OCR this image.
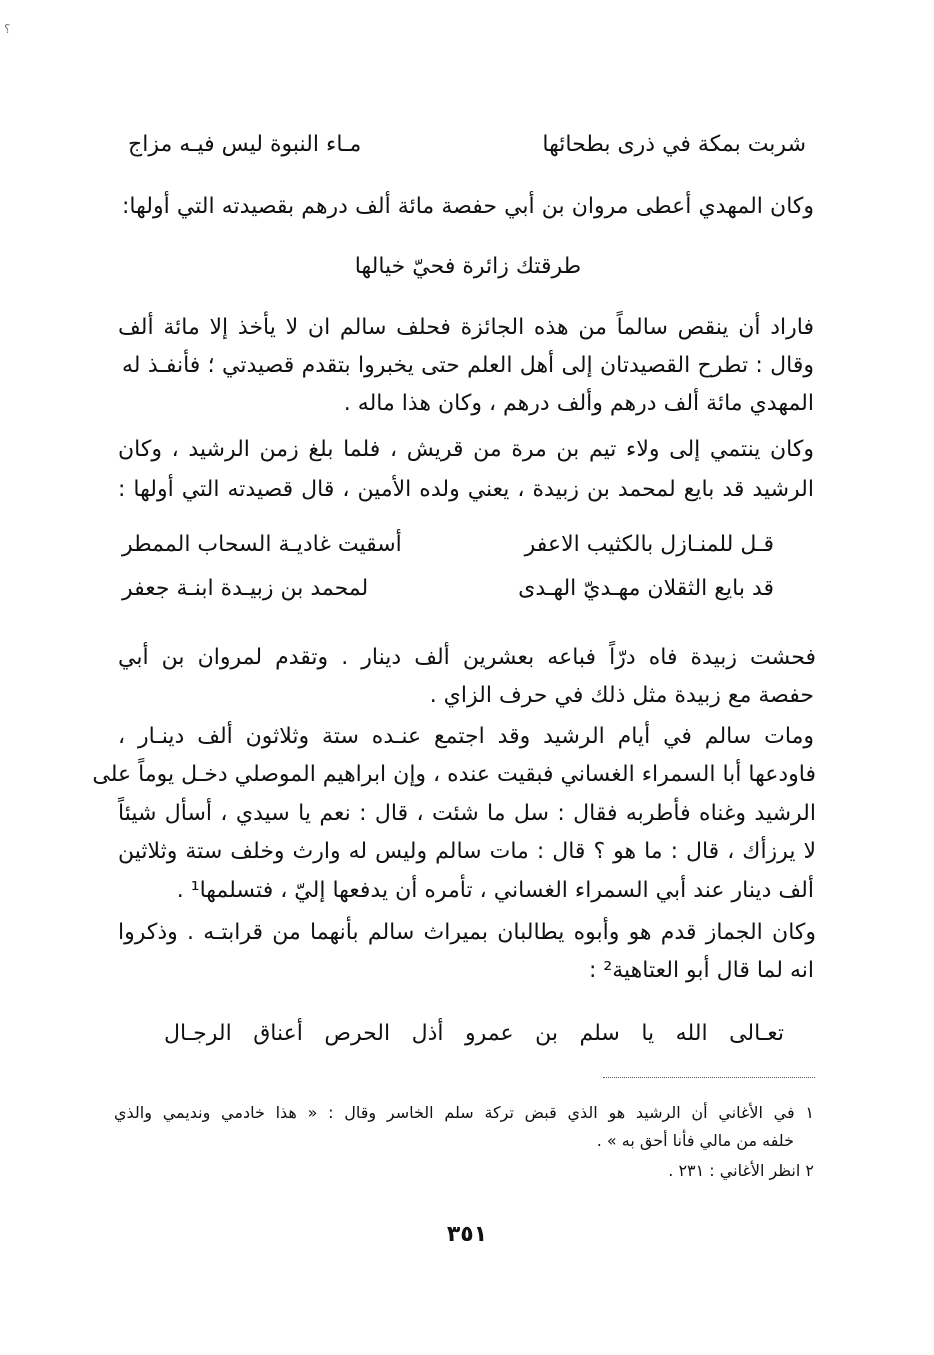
؟
شربت بمكة في ذرى بطحائها
مـاء النبوة ليس فيـه مزاج
وكان المهدي أعطى مروان بن أبي حفصة مائة ألف درهم بقصيدته التي أولها:
طرقتك زائرة فحيّ خيالها
فاراد أن ينقص سالماً من هذه الجائزة فحلف سالم ان لا يأخذ إلا مائة ألف
وقال : تطرح القصيدتان إلى أهل العلم حتى يخبروا بتقدم قصيدتي ؛ فأنفـذ له
المهدي مائة ألف درهم وألف درهم ، وكان هذا ماله .
وكان ينتمي إلى ولاء تيم بن مرة من قريش ، فلما بلغ زمن الرشيد ، وكان
الرشيد قد بايع لمحمد بن زبيدة ، يعني ولده الأمين ، قال قصيدته التي أولها :
قـل للمنـازل بالكثيب الاعفر
أسقيت غاديـة السحاب الممطر
قد بايع الثقلان مهـديّ الهـدى
لمحمد بن زبيـدة ابنـة جعفر
فحشت زبيدة فاه درّاً فباعه بعشرين ألف دينار . وتقدم لمروان بن أبي
حفصة مع زبيدة مثل ذلك في حرف الزاي .
ومات سالم في أيام الرشيد وقد اجتمع عنـده ستة وثلاثون ألف دينـار ،
فاودعها أبا السمراء الغساني فبقيت عنده ، وإن ابراهيم الموصلي دخـل يوماً على
الرشيد وغناه فأطربه فقال : سل ما شئت ، قال : نعم يا سيدي ، أسأل شيئاً
لا يرزأك ، قال : ما هو ؟ قال : مات سالم وليس له وارث وخلف ستة وثلاثين
ألف دينار عند أبي السمراء الغساني ، تأمره أن يدفعها إليّ ، فتسلمها¹ .
وكان الجماز قدم هو وأبوه يطالبان بميراث سالم بأنهما من قرابتـه . وذكروا
انه لما قال أبو العتاهية² :
تعـالى الله يا سلم بن عمرو أذل الحرص أعناق الرجـال
١ في الأغاني أن الرشيد هو الذي قبض تركة سلم الخاسر وقال : « هذا خادمي ونديمي والذي
خلفه من مالي فأنا أحق به » .
٢ انظر الأغاني : ٢٣١ .
٣٥١
